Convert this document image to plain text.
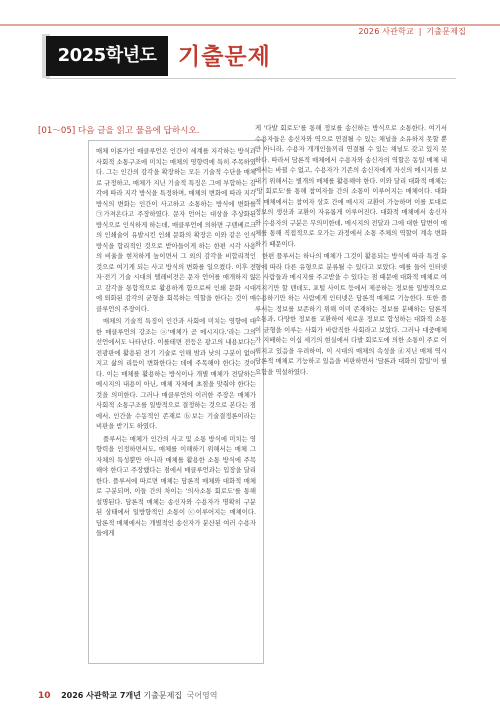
2026 사관학교 | 기출문제집
2025학년도 기출문제
[01～05] 다음 글을 읽고 물음에 답하시오.

매체 이론가인 매클루언은 인간이 세계를 지각하는 방식과 사회적 소통구조에 미치는 매체의 영향력에 특히 주목하였다. 그는 인간의 감각을 확장하는 모든 기술적 수단을 매체로 규정하고, 매체가 지닌 기술적 특징은 그에 부합하는 감각에 따라 지각 방식을 특정하며, 매체의 변화에 따라 지각 방식의 변화는 인간이 사고하고 소통하는 방식에 변화를 ㉠가져온다고 주장하였다. 문자 언어는 대상을 추상화된 방식으로 인식하게 하는데, 매클루언에 의하면 구텐베르크의 인쇄술이 유발시킨 인쇄 문화의 확장은 이와 같은 인식 방식을 합리적인 것으로 받아들이게 하는 한편 시각 사용의 비율을 현저하게 높이면서 그 외의 감각을 비합리적인 것으로 여기게 되는 사고 방식의 변화를 일으켰다. 이후 전자·전기 기술 시대의 텔레비전은 문자 언어를 매개하지 않고 감각을 통합적으로 활용하게 함으로써 인쇄 문화 시대에 퇴화된 감각의 균형을 회복하는 역할을 한다는 것이 매클루언의 주장이다.

매체의 기술적 특징이 인간과 사회에 미치는 영향에 대한 매클루언의 강조는 ⓐ'매체가 곧 메시지다.'라는 그의 선언에서도 나타난다. 이를테면 전등은 광고의 내용보다는 전광판에 활용된 전기 기술로 인해 밤과 낮의 구분이 없어지고 삶의 리듬이 변화한다는 데에 주목해야 한다는 것이다. 이는 매체를 활용하는 방식이나 개별 매체가 전달하는 메시지의 내용이 아닌, 매체 자체에 초점을 맞춰야 한다는 것을 의미한다. 그러나 매클루언의 이러한 주장은 매체가 사회적 소통구조를 일방적으로 결정하는 것으로 본다는 점에서, 인간을 수동적인 존재로 ⓑ보는 기술결정론이라는 비판을 받기도 하였다.

플루서는 매체가 인간의 사고 및 소통 방식에 미치는 영향력을 인정하면서도, 매체를 이해하기 위해서는 매체 그 자체의 특성뿐만 아니라 매체를 활용한 소통 방식에 주목해야 한다고 주장했다는 점에서 매클루언과는 입장을 달리한다. 플루서에 따르면 매체는 담론적 매체와 대화적 매체로 구분되며, 이들 간의 차이는 '의사소통 회로도'를 통해 설명된다. 담론적 매체는 송신자와 수용자가 명확히 구분된 상태에서 일방향적인 소통이 ⓒ이루어지는 매체이다. 담론적 매체에서는 개별적인 송신자가 분산된 여러 수용자들에게

게 '다발 회로도'를 통해 정보를 송신하는 방식으로 소통한다. 여기서 수용자들은 송신자와 역으로 연결될 수 있는 채널을 소유하지 못할 뿐만 아니라, 수용자 개개인들끼리 연결될 수 있는 채널도 갖고 있지 못하다. 따라서 담론적 매체에서 수용자와 송신자의 역할은 동일 매체 내에서는 바뀔 수 없고, 수용자가 기존의 송신자에게 자신의 메시지를 보내기 위해서는 별개의 매체를 활용해야 한다. 이와 달리 대화적 매체는 '망 회로도'를 통해 참여자들 간의 소통이 이루어지는 매체이다. 대화적 매체에서는 참여자 상호 간에 메시지 교환이 가능하며 이를 토대로 정보의 생산과 교환이 자유롭게 이루어진다. 대화적 매체에서 송신자와 수용자의 구분은 무의미한데, 메시지의 전달과 그에 대한 답변이 매체를 통해 직접적으로 오가는 과정에서 소통 주체의 역할이 계속 변화하기 때문이다.

한편 플루서는 하나의 매체가 그것이 활용되는 방식에 따라 특정 유형에 따라 다른 유형으로 분류될 수 있다고 보았다. 예를 들어 인터넷은 사람들과 메시지를 주고받을 수 있다는 점 때문에 대화적 매체로 여겨지기만 할 텐데도, 포털 사이트 등에서 제공하는 정보를 일방적으로 수용하기만 하는 사람에게 인터넷은 담론적 매체로 기능한다. 또한 플루서는 정보를 보존하기 위해 이미 존재하는 정보를 분배하는 담론적 소통과, 다양한 정보를 교환하여 새로운 정보로 합성하는 대화적 소통이 균형을 이루는 사회가 바람직한 사회라고 보았다. 그러나 대중매체가 지배하는 이십 세기의 현실에서 다발 회로도에 의한 소통이 주로 이뤄지고 있음을 우려하여, 이 시대의 매체의 속성을 ⓓ지닌 매체 역시 담론적 매체로 기능하고 있음을 비판하면서 '담론과 대화의 합일'이 필요함을 역설하였다.

10 2026 사관학교 7개년 기출문제집 국어영역
